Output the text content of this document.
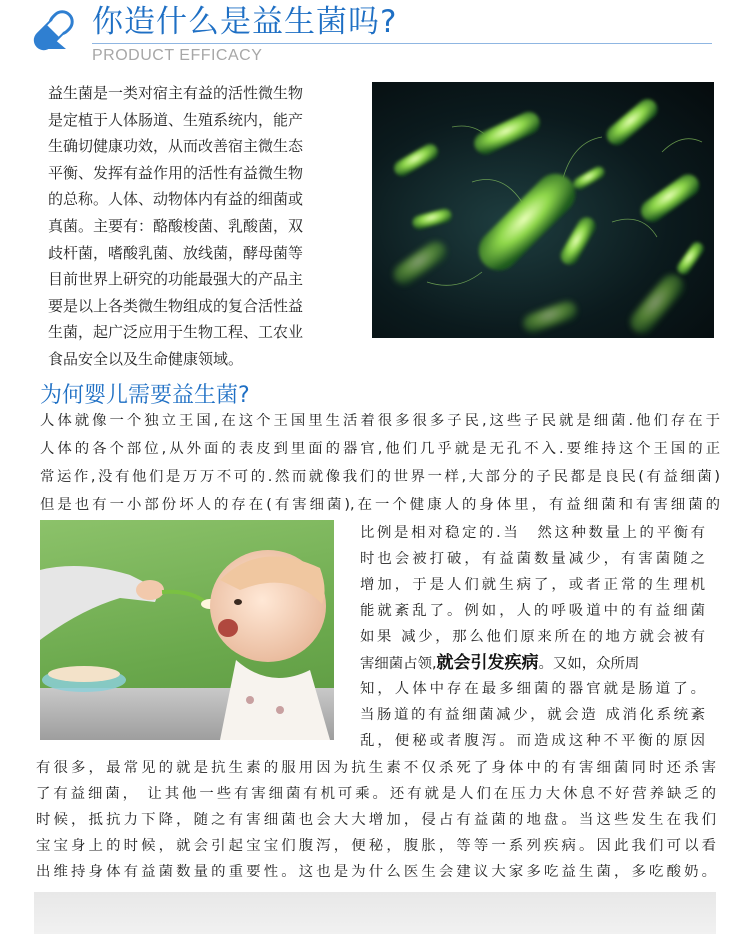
你造什么是益生菌吗?
PRODUCT EFFICACY
益生菌是一类对宿主有益的活性微生物
是定植于人体肠道、生殖系统内，能产
生确切健康功效，从而改善宿主微生态
平衡、发挥有益作用的活性有益微生物
的总称。人体、动物体内有益的细菌或
真菌。主要有：酪酸梭菌、乳酸菌，双
歧杆菌，嗜酸乳菌、放线菌，酵母菌等
目前世界上研究的功能最强大的产品主
要是以上各类微生物组成的复合活性益
生菌，起广泛应用于生物工程、工农业
食品安全以及生命健康领域。
为何婴儿需要益生菌?
人体就像一个独立王国,在这个王国里生活着很多很多子民,这些子民就是细菌.他们存在于
人体的各个部位,从外面的表皮到里面的器官,他们几乎就是无孔不入.要维持这个王国的正
常运作,没有他们是万万不可的.然而就像我们的世界一样,大部分的子民都是良民(有益细菌)
但是也有一小部份坏人的存在(有害细菌),在一个健康人的身体里，有益细菌和有害细菌的
比例是相对稳定的.当　然这种数量上的平衡有
时也会被打破，有益菌数量减少，有害菌随之
增加，于是人们就生病了，或者正常的生理机
能就紊乱了。例如，人的呼吸道中的有益细菌
如果 减少，那么他们原来所在的地方就会被有
害细菌占领,就会引发疾病。又如，众所周
知，人体中存在最多细菌的器官就是肠道了。
当肠道的有益细菌减少，就会造 成消化系统紊
乱，便秘或者腹泻。而造成这种不平衡的原因
有很多，最常见的就是抗生素的服用因为抗生素不仅杀死了身体中的有害细菌同时还杀害
了有益细菌， 让其他一些有害细菌有机可乘。还有就是人们在压力大休息不好营养缺乏的
时候，抵抗力下降，随之有害细菌也会大大增加，侵占有益菌的地盘。当这些发生在我们
宝宝身上的时候，就会引起宝宝们腹泻，便秘，腹胀，等等一系列疾病。因此我们可以看
出维持身体有益菌数量的重要性。这也是为什么医生会建议大家多吃益生菌，多吃酸奶。
